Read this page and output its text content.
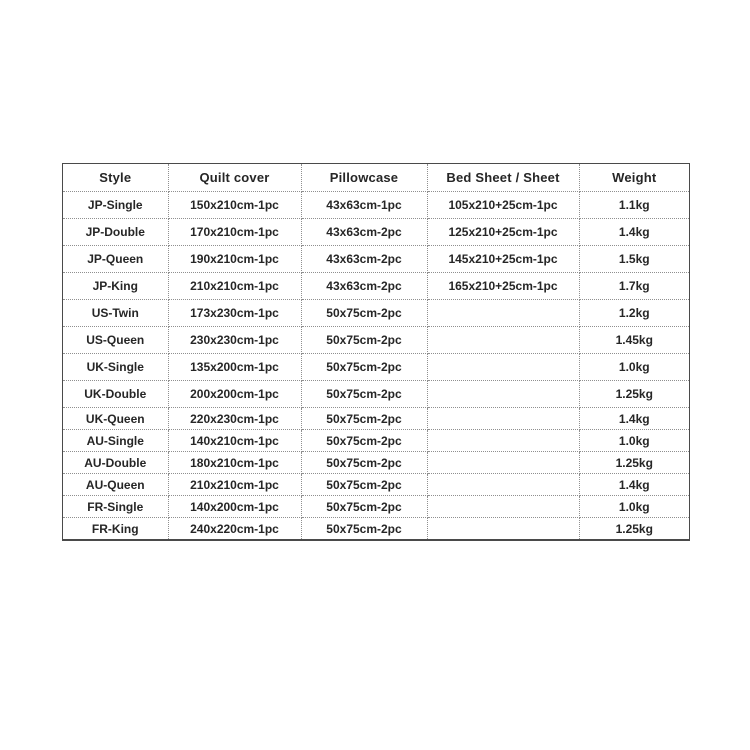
Style	Quilt cover	Pillowcase	Bed Sheet / Sheet	Weight
JP-Single	150x210cm-1pc	43x63cm-1pc	105x210+25cm-1pc	1.1kg
JP-Double	170x210cm-1pc	43x63cm-2pc	125x210+25cm-1pc	1.4kg
JP-Queen	190x210cm-1pc	43x63cm-2pc	145x210+25cm-1pc	1.5kg
JP-King	210x210cm-1pc	43x63cm-2pc	165x210+25cm-1pc	1.7kg
US-Twin	173x230cm-1pc	50x75cm-2pc		1.2kg
US-Queen	230x230cm-1pc	50x75cm-2pc		1.45kg
UK-Single	135x200cm-1pc	50x75cm-2pc		1.0kg
UK-Double	200x200cm-1pc	50x75cm-2pc		1.25kg
UK-Queen	220x230cm-1pc	50x75cm-2pc		1.4kg
AU-Single	140x210cm-1pc	50x75cm-2pc		1.0kg
AU-Double	180x210cm-1pc	50x75cm-2pc		1.25kg
AU-Queen	210x210cm-1pc	50x75cm-2pc		1.4kg
FR-Single	140x200cm-1pc	50x75cm-2pc		1.0kg
FR-King	240x220cm-1pc	50x75cm-2pc		1.25kg
